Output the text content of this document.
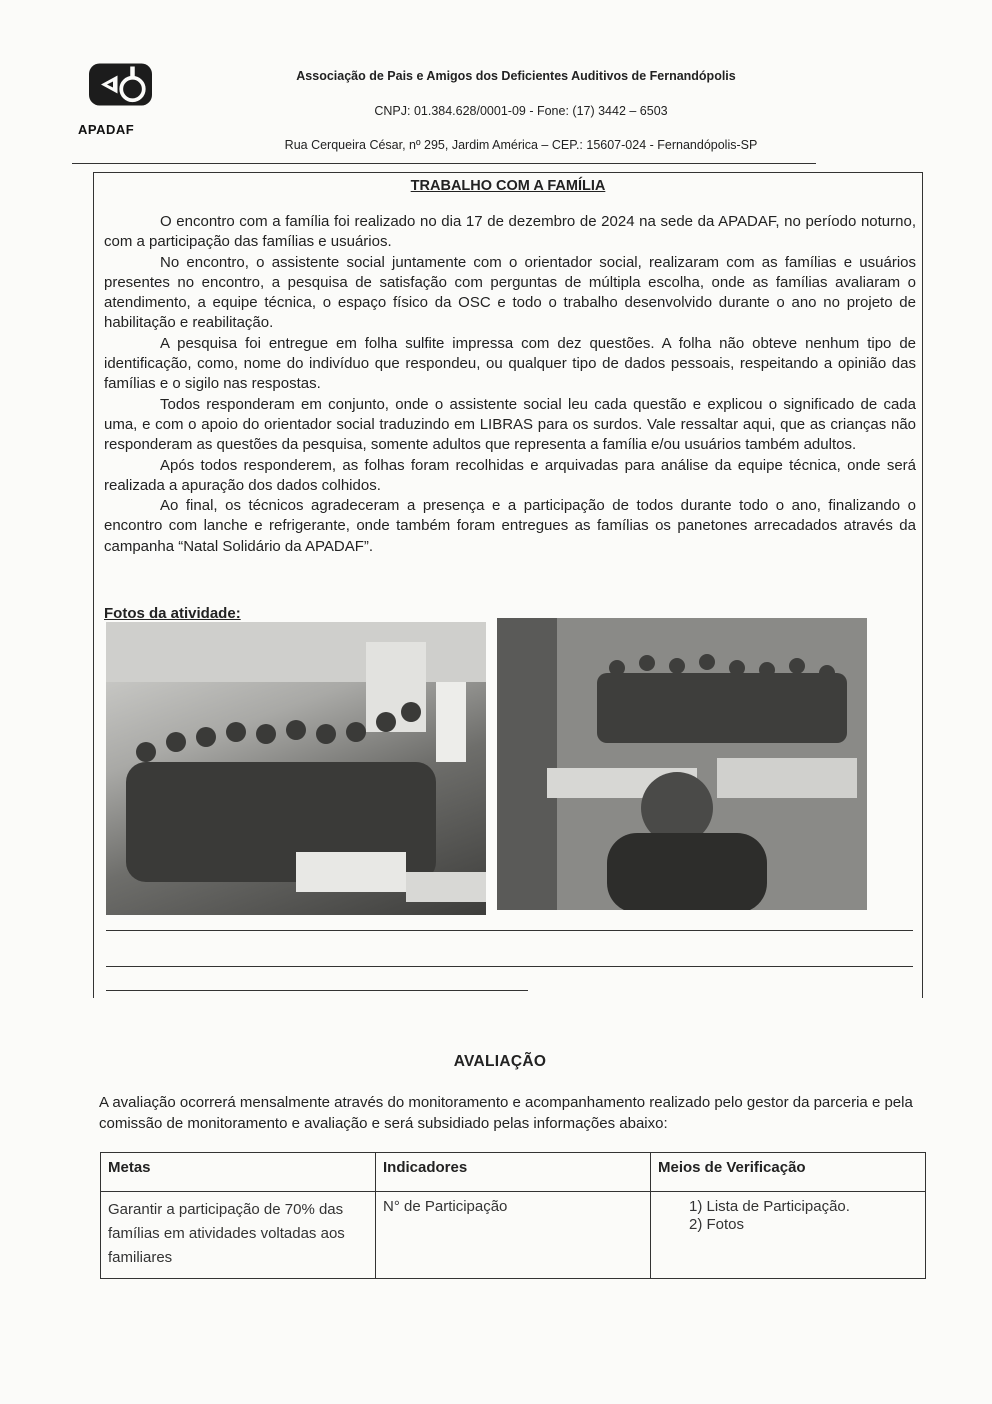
APADAF
Associação de Pais e Amigos dos Deficientes Auditivos de Fernandópolis
CNPJ: 01.384.628/0001-09 - Fone: (17) 3442 – 6503
Rua Cerqueira César, nº 295, Jardim América – CEP.: 15607-024 - Fernandópolis-SP
TRABALHO COM A FAMÍLIA

O encontro com a família foi realizado no dia 17 de dezembro de 2024 na sede da APADAF, no período noturno, com a participação das famílias e usuários.

No encontro, o assistente social juntamente com o orientador social, realizaram com as famílias e usuários presentes no encontro, a pesquisa de satisfação com perguntas de múltipla escolha, onde as famílias avaliaram o atendimento, a equipe técnica, o espaço físico da OSC e todo o trabalho desenvolvido durante o ano no projeto de habilitação e reabilitação.

A pesquisa foi entregue em folha sulfite impressa com dez questões. A folha não obteve nenhum tipo de identificação, como, nome do indivíduo que respondeu, ou qualquer tipo de dados pessoais, respeitando a opinião das famílias e o sigilo nas respostas.

Todos responderam em conjunto, onde o assistente social leu cada questão e explicou o significado de cada uma, e com o apoio do orientador social traduzindo em LIBRAS para os surdos. Vale ressaltar aqui, que as crianças não responderam as questões da pesquisa, somente adultos que representa a família e/ou usuários também adultos.

Após todos responderem, as folhas foram recolhidas e arquivadas para análise da equipe técnica, onde será realizada a apuração dos dados colhidos.

Ao final, os técnicos agradeceram a presença e a participação de todos durante todo o ano, finalizando o encontro com lanche e refrigerante, onde também foram entregues as famílias os panetones arrecadados através da campanha “Natal Solidário da APADAF”.

Fotos da atividade:
AVALIAÇÃO
A avaliação ocorrerá mensalmente através do monitoramento e acompanhamento realizado pelo gestor da parceria e pela comissão de monitoramento e avaliação e será subsidiado pelas informações abaixo:
Metas	Indicadores	Meios de Verificação
Garantir a participação de 70% das famílias em atividades voltadas aos familiares	N° de Participação	1) Lista de Participação.
2) Fotos
